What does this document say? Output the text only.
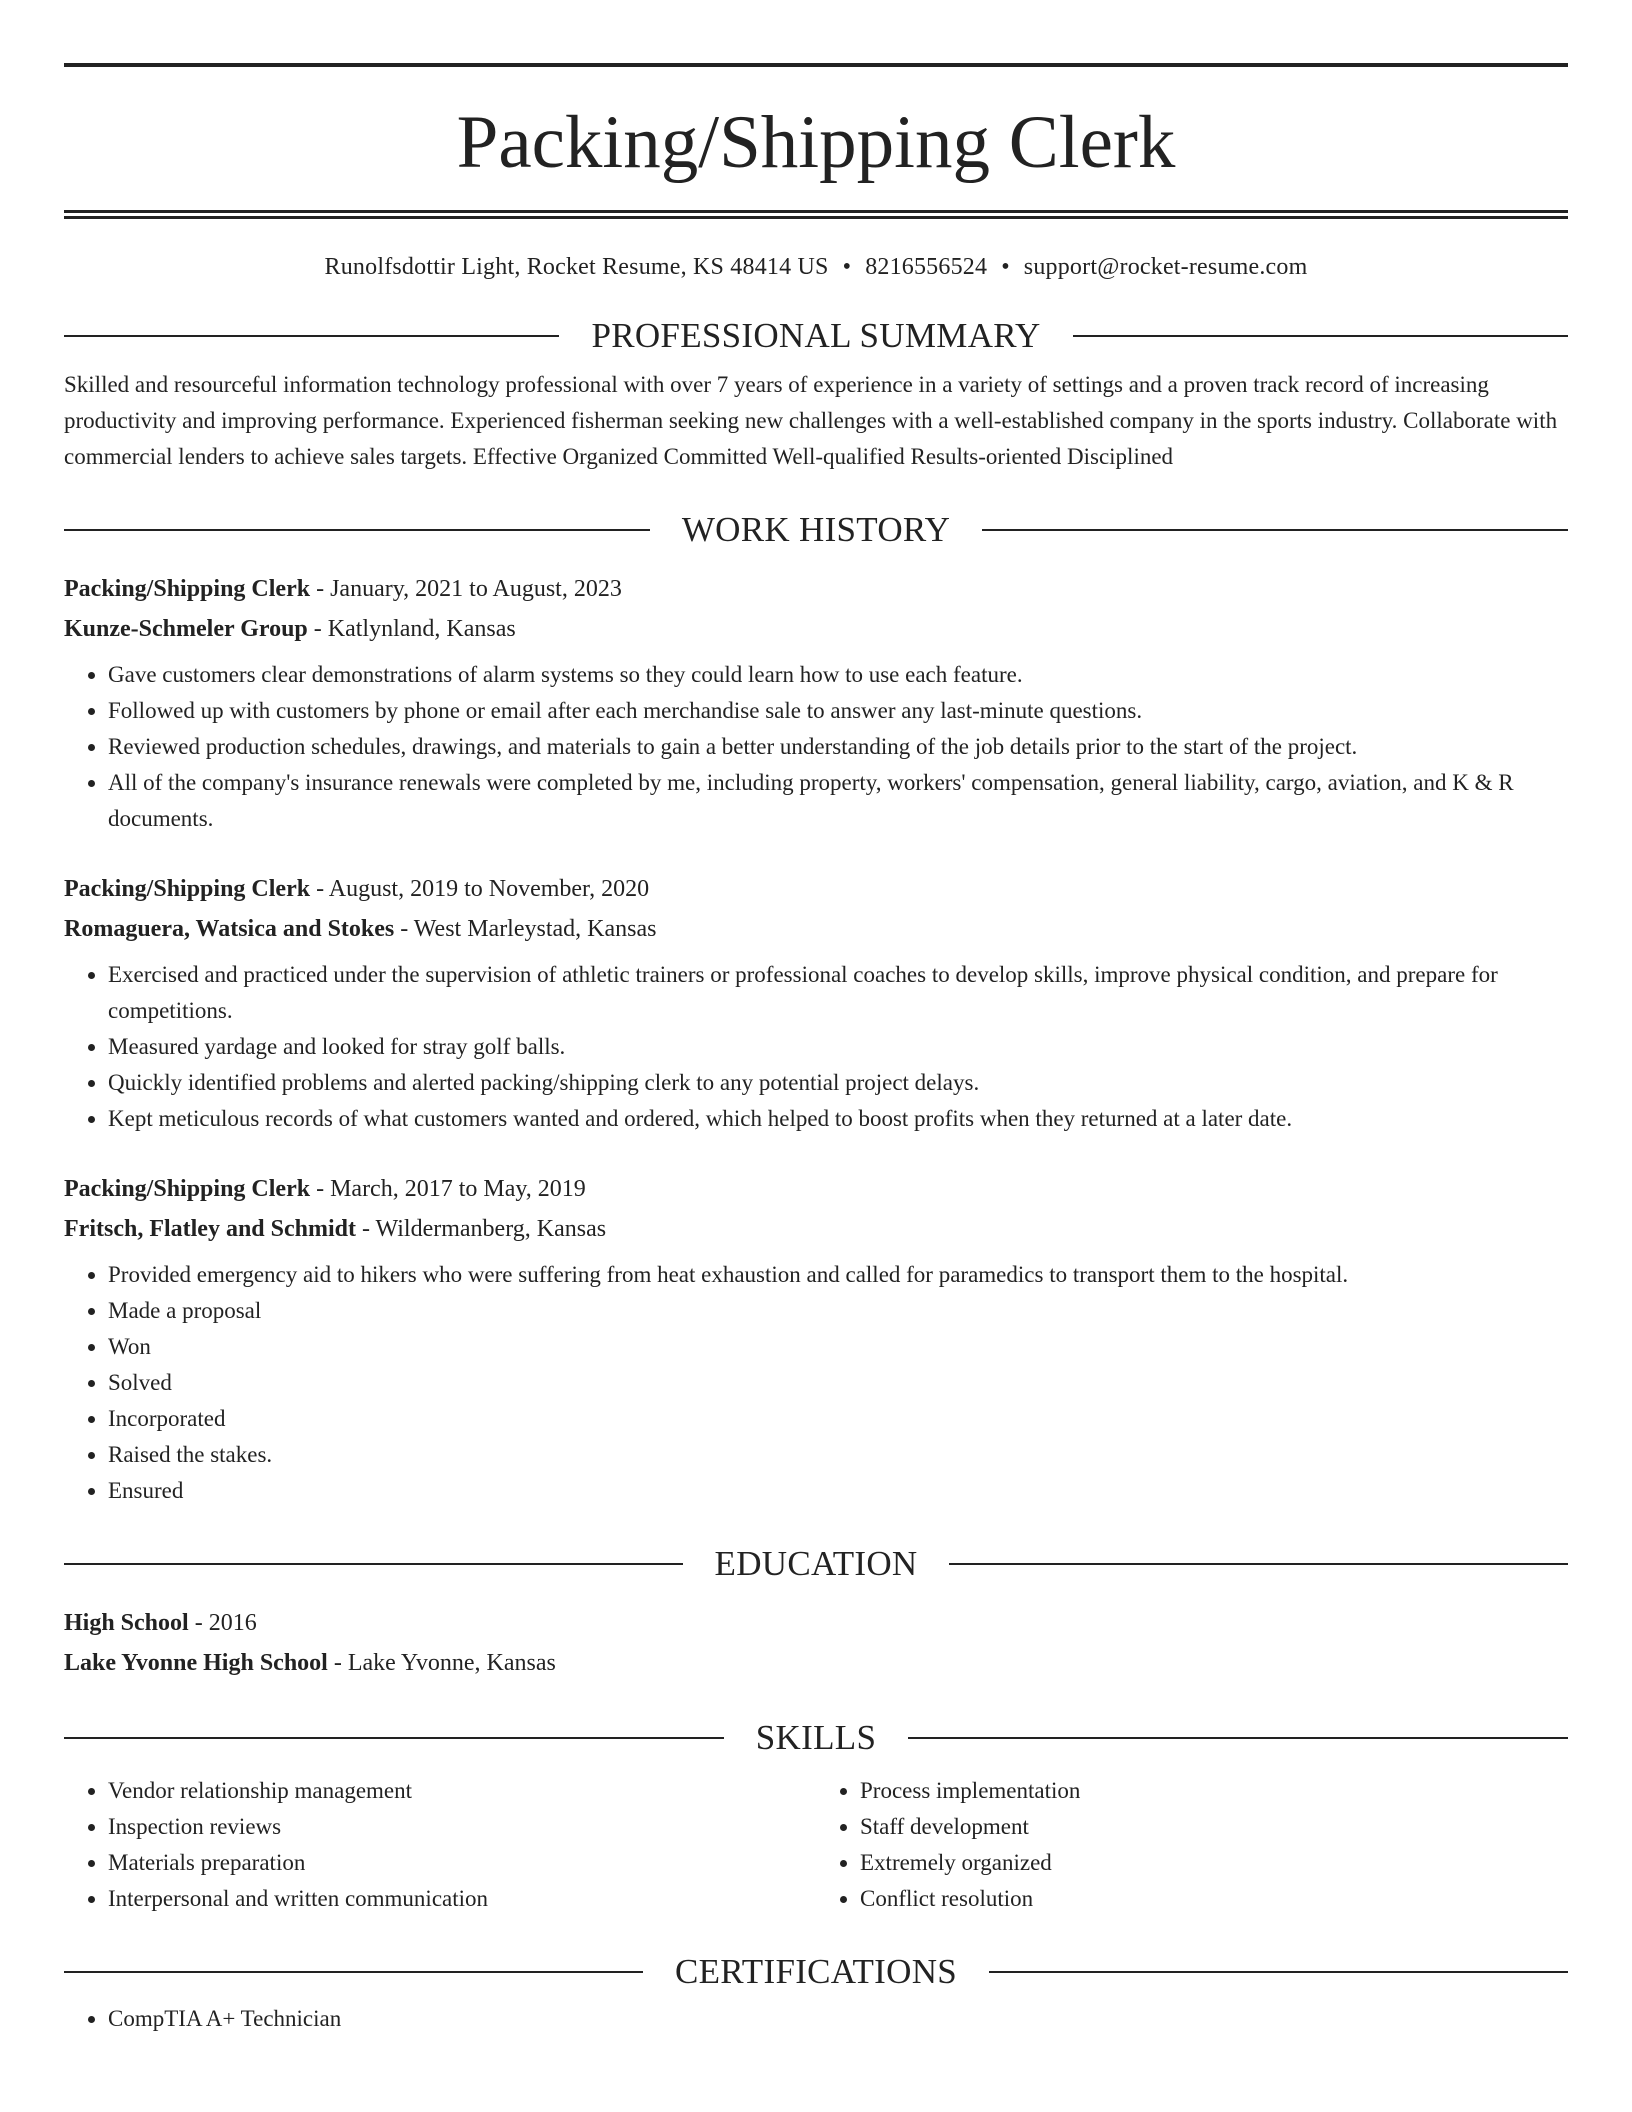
Packing/Shipping Clerk
Runolfsdottir Light, Rocket Resume, KS 48414 US • 8216556524 • support@rocket-resume.com
PROFESSIONAL SUMMARY
Skilled and resourceful information technology professional with over 7 years of experience in a variety of settings and a proven track record of increasing productivity and improving performance. Experienced fisherman seeking new challenges with a well-established company in the sports industry. Collaborate with commercial lenders to achieve sales targets. Effective Organized Committed Well-qualified Results-oriented Disciplined
WORK HISTORY
Packing/Shipping Clerk - January, 2021 to August, 2023
Kunze-Schmeler Group - Katlynland, Kansas
• Gave customers clear demonstrations of alarm systems so they could learn how to use each feature.
• Followed up with customers by phone or email after each merchandise sale to answer any last-minute questions.
• Reviewed production schedules, drawings, and materials to gain a better understanding of the job details prior to the start of the project.
• All of the company's insurance renewals were completed by me, including property, workers' compensation, general liability, cargo, aviation, and K & R documents.
Packing/Shipping Clerk - August, 2019 to November, 2020
Romaguera, Watsica and Stokes - West Marleystad, Kansas
• Exercised and practiced under the supervision of athletic trainers or professional coaches to develop skills, improve physical condition, and prepare for competitions.
• Measured yardage and looked for stray golf balls.
• Quickly identified problems and alerted packing/shipping clerk to any potential project delays.
• Kept meticulous records of what customers wanted and ordered, which helped to boost profits when they returned at a later date.
Packing/Shipping Clerk - March, 2017 to May, 2019
Fritsch, Flatley and Schmidt - Wildermanberg, Kansas
• Provided emergency aid to hikers who were suffering from heat exhaustion and called for paramedics to transport them to the hospital.
• Made a proposal
• Won
• Solved
• Incorporated
• Raised the stakes.
• Ensured
EDUCATION
High School - 2016
Lake Yvonne High School - Lake Yvonne, Kansas
SKILLS
• Vendor relationship management
• Inspection reviews
• Materials preparation
• Interpersonal and written communication
• Process implementation
• Staff development
• Extremely organized
• Conflict resolution
CERTIFICATIONS
• CompTIA A+ Technician
